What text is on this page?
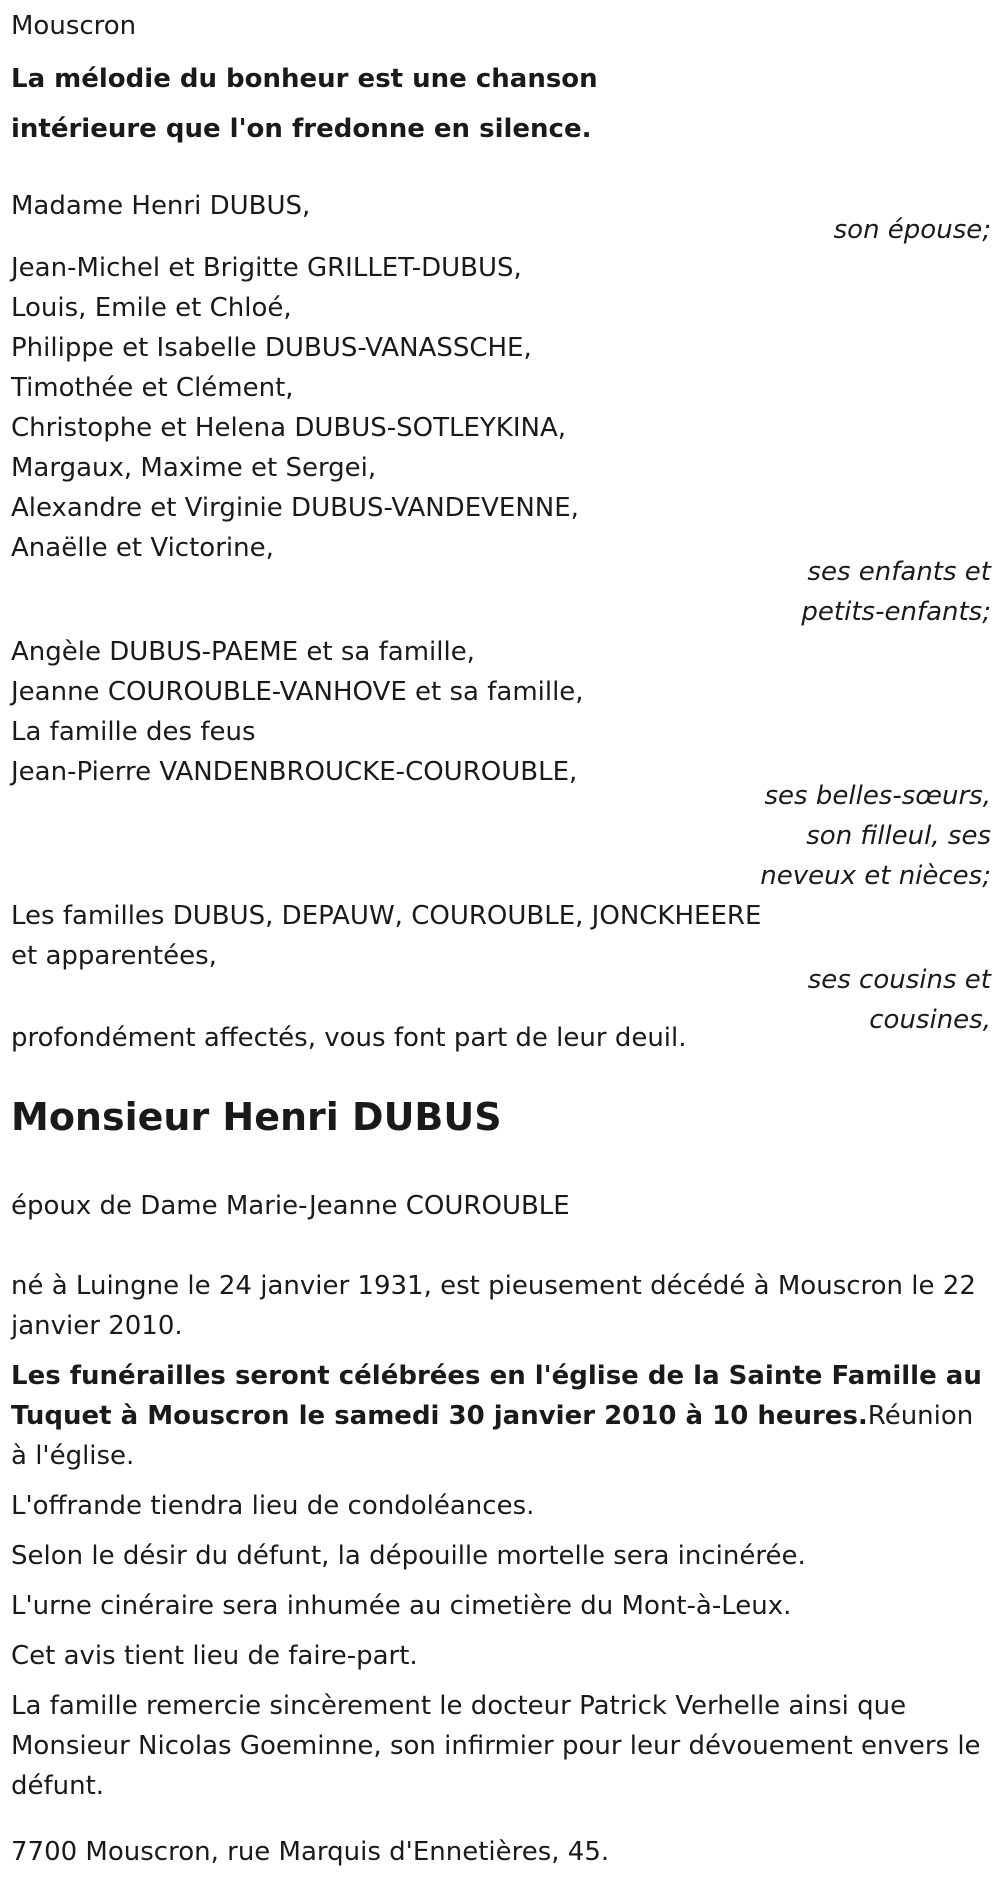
Mouscron
La mélodie du bonheur est une chanson
intérieure que l'on fredonne en silence.
Madame Henri DUBUS,
son épouse;
Jean-Michel et Brigitte GRILLET-DUBUS,
Louis, Emile et Chloé,
Philippe et Isabelle DUBUS-VANASSCHE,
Timothée et Clément,
Christophe et Helena DUBUS-SOTLEYKINA,
Margaux, Maxime et Sergei,
Alexandre et Virginie DUBUS-VANDEVENNE,
Anaëlle et Victorine,
ses enfants et
petits-enfants;
Angèle DUBUS-PAEME et sa famille,
Jeanne COUROUBLE-VANHOVE et sa famille,
La famille des feus
Jean-Pierre VANDENBROUCKE-COUROUBLE,
ses belles-sœurs,
son filleul, ses
neveux et nièces;
Les familles DUBUS, DEPAUW, COUROUBLE, JONCKHEERE
et apparentées,
ses cousins et
cousines,
profondément affectés, vous font part de leur deuil.
Monsieur Henri DUBUS
époux de Dame Marie-Jeanne COUROUBLE
né à Luingne le 24 janvier 1931, est pieusement décédé à Mouscron le 22 janvier 2010.
Les funérailles seront célébrées en l'église de la Sainte Famille au Tuquet à Mouscron le samedi 30 janvier 2010 à 10 heures.Réunion à l'église.
L'offrande tiendra lieu de condoléances.
Selon le désir du défunt, la dépouille mortelle sera incinérée.
L'urne cinéraire sera inhumée au cimetière du Mont-à-Leux.
Cet avis tient lieu de faire-part.
La famille remercie sincèrement le docteur Patrick Verhelle ainsi que Monsieur Nicolas Goeminne, son infirmier pour leur dévouement envers le défunt.
7700 Mouscron, rue Marquis d'Ennetières, 45.
